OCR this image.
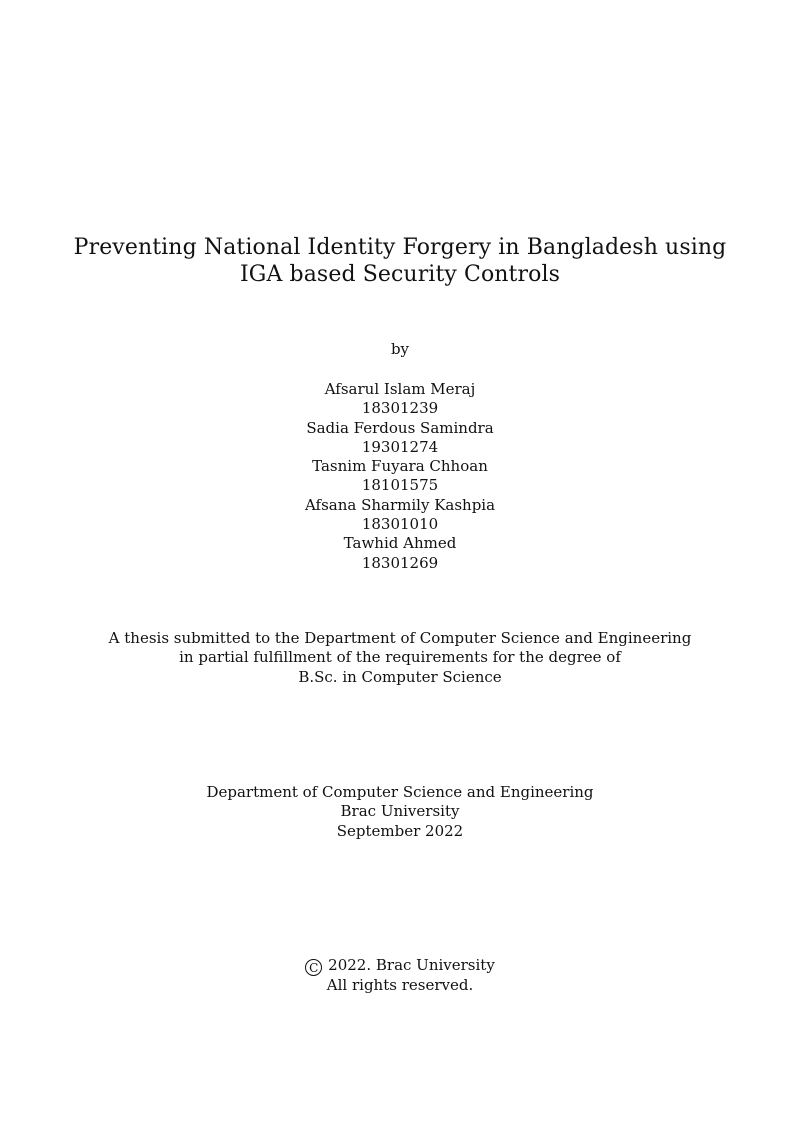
Preventing National Identity Forgery in Bangladesh using
IGA based Security Controls
by
Afsarul Islam Meraj
18301239
Sadia Ferdous Samindra
19301274
Tasnim Fuyara Chhoan
18101575
Afsana Sharmily Kashpia
18301010
Tawhid Ahmed
18301269
A thesis submitted to the Department of Computer Science and Engineering
in partial fulfillment of the requirements for the degree of
B.Sc. in Computer Science
Department of Computer Science and Engineering
Brac University
September 2022
C 2022. Brac University
All rights reserved.
